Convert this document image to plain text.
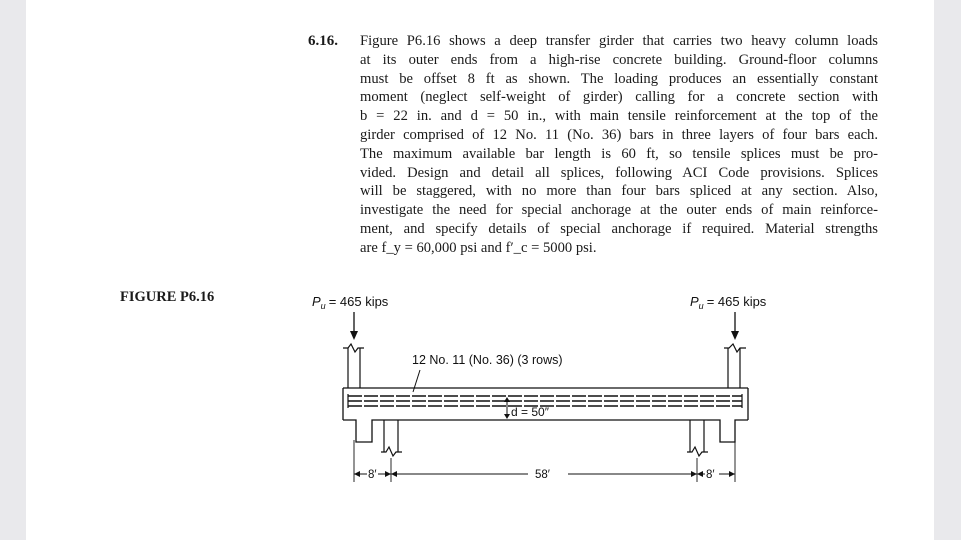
6.16. Figure P6.16 shows a deep transfer girder that carries two heavy column loads
at its outer ends from a high-rise concrete building. Ground-floor columns
must be offset 8 ft as shown. The loading produces an essentially constant
moment (neglect self-weight of girder) calling for a concrete section with
b = 22 in. and d = 50 in., with main tensile reinforcement at the top of the
girder comprised of 12 No. 11 (No. 36) bars in three layers of four bars each.
The maximum available bar length is 60 ft, so tensile splices must be pro-
vided. Design and detail all splices, following ACI Code provisions. Splices
will be staggered, with no more than four bars spliced at any section. Also,
investigate the need for special anchorage at the outer ends of main reinforce-
ment, and specify details of special anchorage if required. Material strengths
are f_y = 60,000 psi and f′_c = 5000 psi.
FIGURE P6.16	$P_u = 465$ kips	$P_u = 465$ kips
12 No. 11 (No. 36) (3 rows)
d = 50″
8′	58′	8′
